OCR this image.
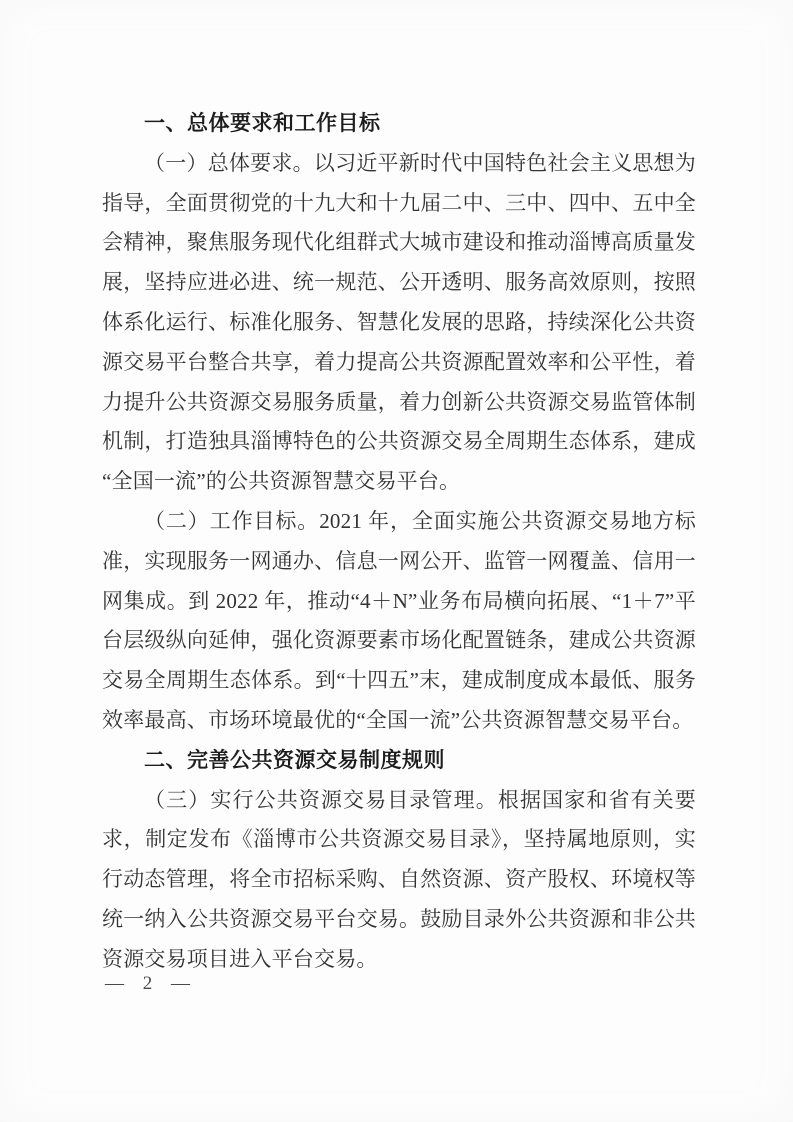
一、总体要求和工作目标

（一）总体要求。以习近平新时代中国特色社会主义思想为指导，全面贯彻党的十九大和十九届二中、三中、四中、五中全会精神，聚焦服务现代化组群式大城市建设和推动淄博高质量发展，坚持应进必进、统一规范、公开透明、服务高效原则，按照体系化运行、标准化服务、智慧化发展的思路，持续深化公共资源交易平台整合共享，着力提高公共资源配置效率和公平性，着力提升公共资源交易服务质量，着力创新公共资源交易监管体制机制，打造独具淄博特色的公共资源交易全周期生态体系，建成“全国一流”的公共资源智慧交易平台。

（二）工作目标。2021 年，全面实施公共资源交易地方标准，实现服务一网通办、信息一网公开、监管一网覆盖、信用一网集成。到 2022 年，推动“4＋N”业务布局横向拓展、“1＋7”平台层级纵向延伸，强化资源要素市场化配置链条，建成公共资源交易全周期生态体系。到“十四五”末，建成制度成本最低、服务效率最高、市场环境最优的“全国一流”公共资源智慧交易平台。

二、完善公共资源交易制度规则

（三）实行公共资源交易目录管理。根据国家和省有关要求，制定发布《淄博市公共资源交易目录》，坚持属地原则，实行动态管理，将全市招标采购、自然资源、资产股权、环境权等统一纳入公共资源交易平台交易。鼓励目录外公共资源和非公共资源交易项目进入平台交易。

— 2 —
